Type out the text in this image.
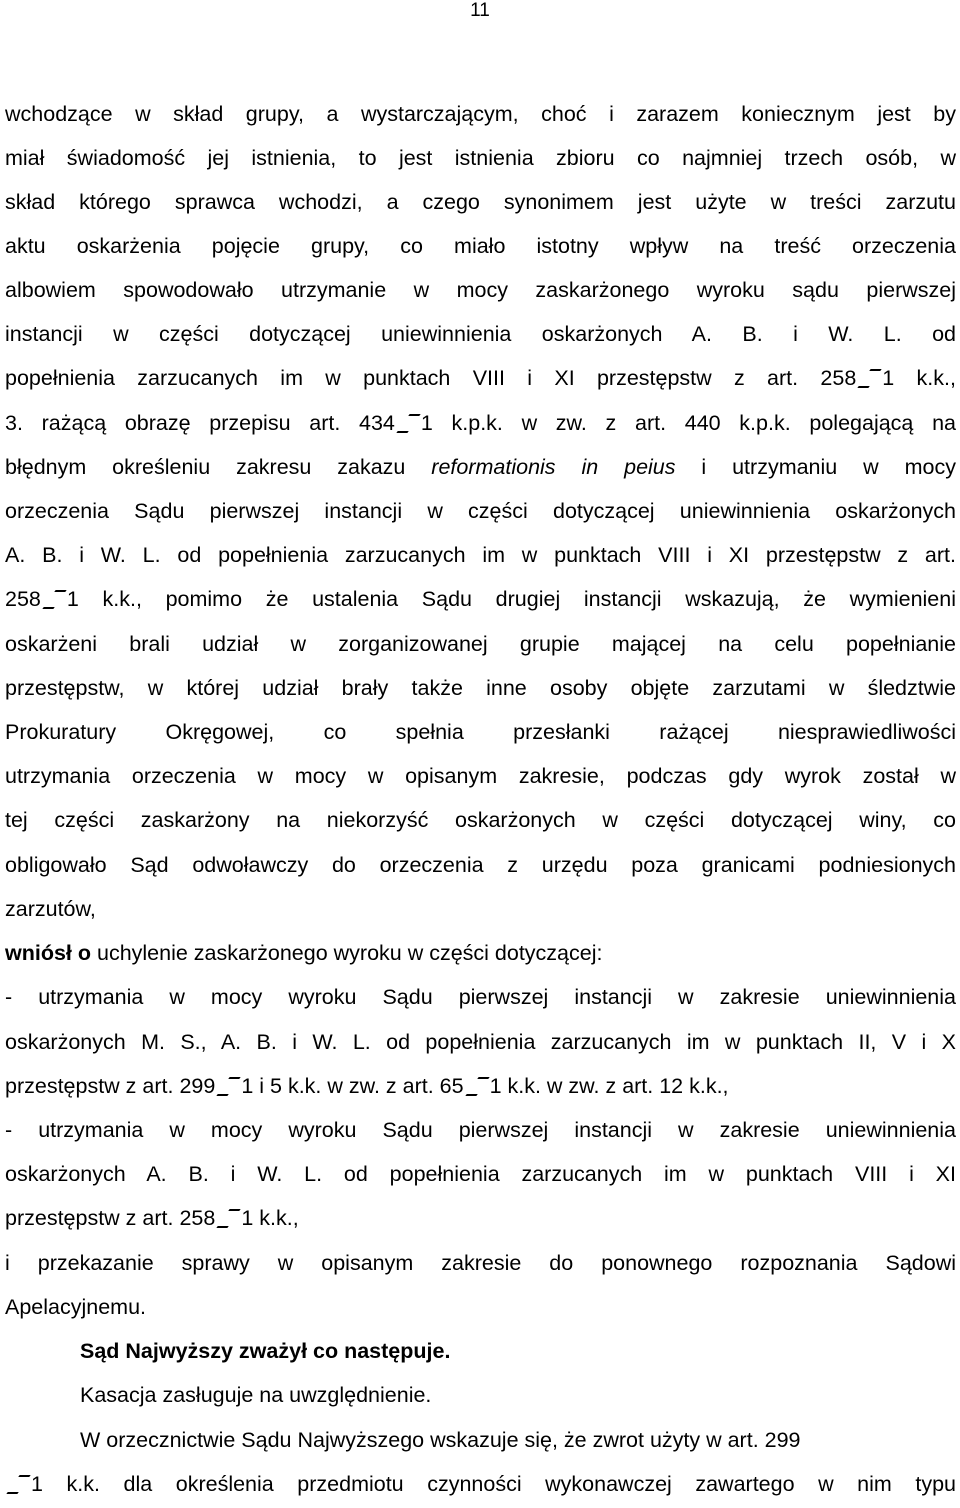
11
wchodzące w skład grupy, a wystarczającym, choć i zarazem koniecznym jest by
miał świadomość jej istnienia, to jest istnienia zbioru co najmniej trzech osób, w
skład którego sprawca wchodzi, a czego synonimem jest użyte w treści zarzutu
aktu oskarżenia pojęcie grupy, co miało istotny wpływ na treść orzeczenia
albowiem spowodowało utrzymanie w mocy zaskarżonego wyroku sądu pierwszej
instancji w części dotyczącej uniewinnienia oskarżonych A. B. i W. L. od
popełnienia zarzucanych im w punktach VIII i XI przestępstw z art. 258 1 k.k.,
3. rażącą obrazę przepisu art. 434 1 k.p.k. w zw. z art. 440 k.p.k. polegającą na
błędnym określeniu zakresu zakazu reformationis in peius i utrzymaniu w mocy
orzeczenia Sądu pierwszej instancji w części dotyczącej uniewinnienia oskarżonych
A. B. i W. L. od popełnienia zarzucanych im w punktach VIII i XI przestępstw z art.
258 1 k.k., pomimo że ustalenia Sądu drugiej instancji wskazują, że wymienieni
oskarżeni brali udział w zorganizowanej grupie mającej na celu popełnianie
przestępstw, w której udział brały także inne osoby objęte zarzutami w śledztwie
Prokuratury Okręgowej, co spełnia przesłanki rażącej niesprawiedliwości
utrzymania orzeczenia w mocy w opisanym zakresie, podczas gdy wyrok został w
tej części zaskarżony na niekorzyść oskarżonych w części dotyczącej winy, co
obligowało Sąd odwoławczy do orzeczenia z urzędu poza granicami podniesionych
zarzutów,
wniósł o uchylenie zaskarżonego wyroku w części dotyczącej:
- utrzymania w mocy wyroku Sądu pierwszej instancji w zakresie uniewinnienia
oskarżonych M. S., A. B. i W. L. od popełnienia zarzucanych im w punktach II, V i X
przestępstw z art. 299 1 i 5 k.k. w zw. z art. 65 1 k.k. w zw. z art. 12 k.k.,
- utrzymania w mocy wyroku Sądu pierwszej instancji w zakresie uniewinnienia
oskarżonych A. B. i W. L. od popełnienia zarzucanych im w punktach VIII i XI
przestępstw z art. 258 1 k.k.,
i przekazanie sprawy w opisanym zakresie do ponownego rozpoznania Sądowi
Apelacyjnemu.
Sąd Najwyższy zważył co następuje.
Kasacja zasługuje na uwzględnienie.
W orzecznictwie Sądu Najwyższego wskazuje się, że zwrot użyty w art. 299
1 k.k. dla określenia przedmiotu czynności wykonawczej zawartego w nim typu
